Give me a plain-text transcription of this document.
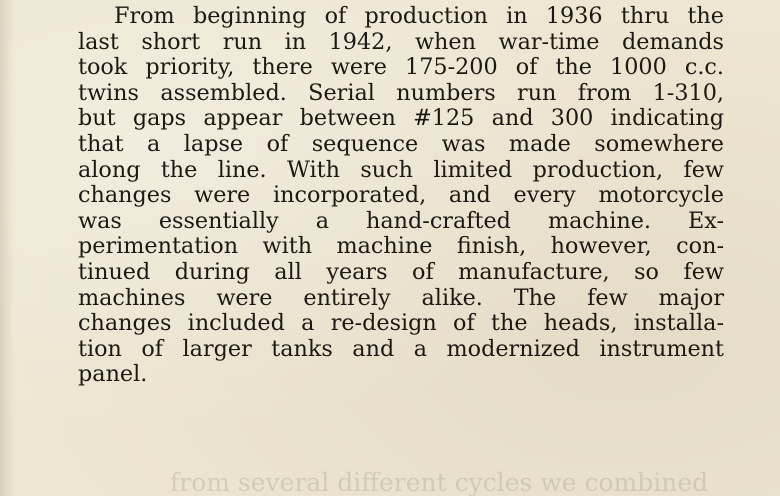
From beginning of production in 1936 thru the
last short run in 1942, when war-time demands
took priority, there were 175-200 of the 1000 c.c.
twins assembled. Serial numbers run from 1-310,
but gaps appear between #125 and 300 indicating
that a lapse of sequence was made somewhere
along the line. With such limited production, few
changes were incorporated, and every motorcycle
was essentially a hand-crafted machine. Ex-
perimentation with machine finish, however, con-
tinued during all years of manufacture, so few
machines were entirely alike. The few major
changes included a re-design of the heads, installa-
tion of larger tanks and a modernized instrument
panel.
from several different cycles we combined
